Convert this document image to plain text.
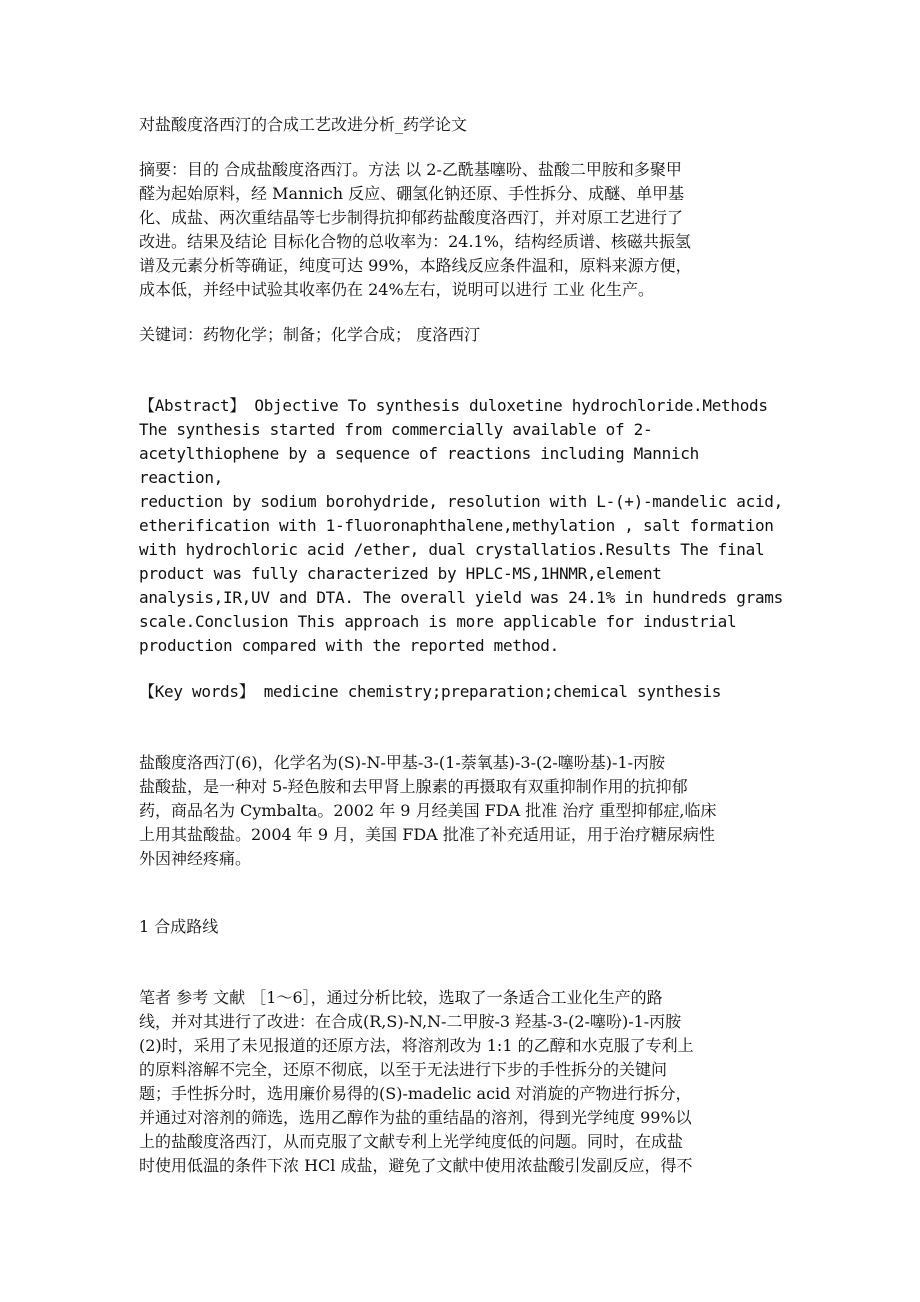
对盐酸度洛西汀的合成工艺改进分析_药学论文

摘要：目的 合成盐酸度洛西汀。方法 以 2-乙酰基噻吩、盐酸二甲胺和多聚甲
醛为起始原料，经 Mannich 反应、硼氢化钠还原、手性拆分、成醚、单甲基
化、成盐、两次重结晶等七步制得抗抑郁药盐酸度洛西汀，并对原工艺进行了
改进。结果及结论 目标化合物的总收率为：24.1%，结构经质谱、核磁共振氢
谱及元素分析等确证，纯度可达 99%，本路线反应条件温和，原料来源方便，
成本低，并经中试验其收率仍在 24%左右，说明可以进行 工业 化生产。

关键词：药物化学；制备；化学合成； 度洛西汀

【Abstract】 Objective To synthesis duloxetine hydrochloride.Methods
The synthesis started from commercially available of 2-
acetylthiophene by a sequence of reactions including Mannich reaction,
reduction by sodium borohydride, resolution with L-(+)-mandelic acid,
etherification with 1-fluoronaphthalene,methylation , salt formation
with hydrochloric acid /ether, dual crystallatios.Results The final
product was fully characterized by HPLC-MS,1HNMR,element
analysis,IR,UV and DTA. The overall yield was 24.1% in hundreds grams
scale.Conclusion This approach is more applicable for industrial
production compared with the reported method.

【Key words】 medicine chemistry;preparation;chemical synthesis

盐酸度洛西汀(6)，化学名为(S)-N-甲基-3-(1-萘氧基)-3-(2-噻吩基)-1-丙胺
盐酸盐，是一种对 5-羟色胺和去甲肾上腺素的再摄取有双重抑制作用的抗抑郁
药，商品名为 Cymbalta。2002 年 9 月经美国 FDA 批准 治疗 重型抑郁症,临床
上用其盐酸盐。2004 年 9 月，美国 FDA 批准了补充适用证，用于治疗糖尿病性
外因神经疼痛。

1 合成路线

笔者 参考 文献 ［1～6］，通过分析比较，选取了一条适合工业化生产的路
线，并对其进行了改进：在合成(R,S)-N,N-二甲胺-3 羟基-3-(2-噻吩)-1-丙胺
(2)时，采用了未见报道的还原方法，将溶剂改为 1:1 的乙醇和水克服了专利上
的原料溶解不完全，还原不彻底，以至于无法进行下步的手性拆分的关键问
题；手性拆分时，选用廉价易得的(S)-madelic acid 对消旋的产物进行拆分，
并通过对溶剂的筛选，选用乙醇作为盐的重结晶的溶剂，得到光学纯度 99%以
上的盐酸度洛西汀，从而克服了文献专利上光学纯度低的问题。同时，在成盐
时使用低温的条件下浓 HCl 成盐，避免了文献中使用浓盐酸引发副反应，得不
